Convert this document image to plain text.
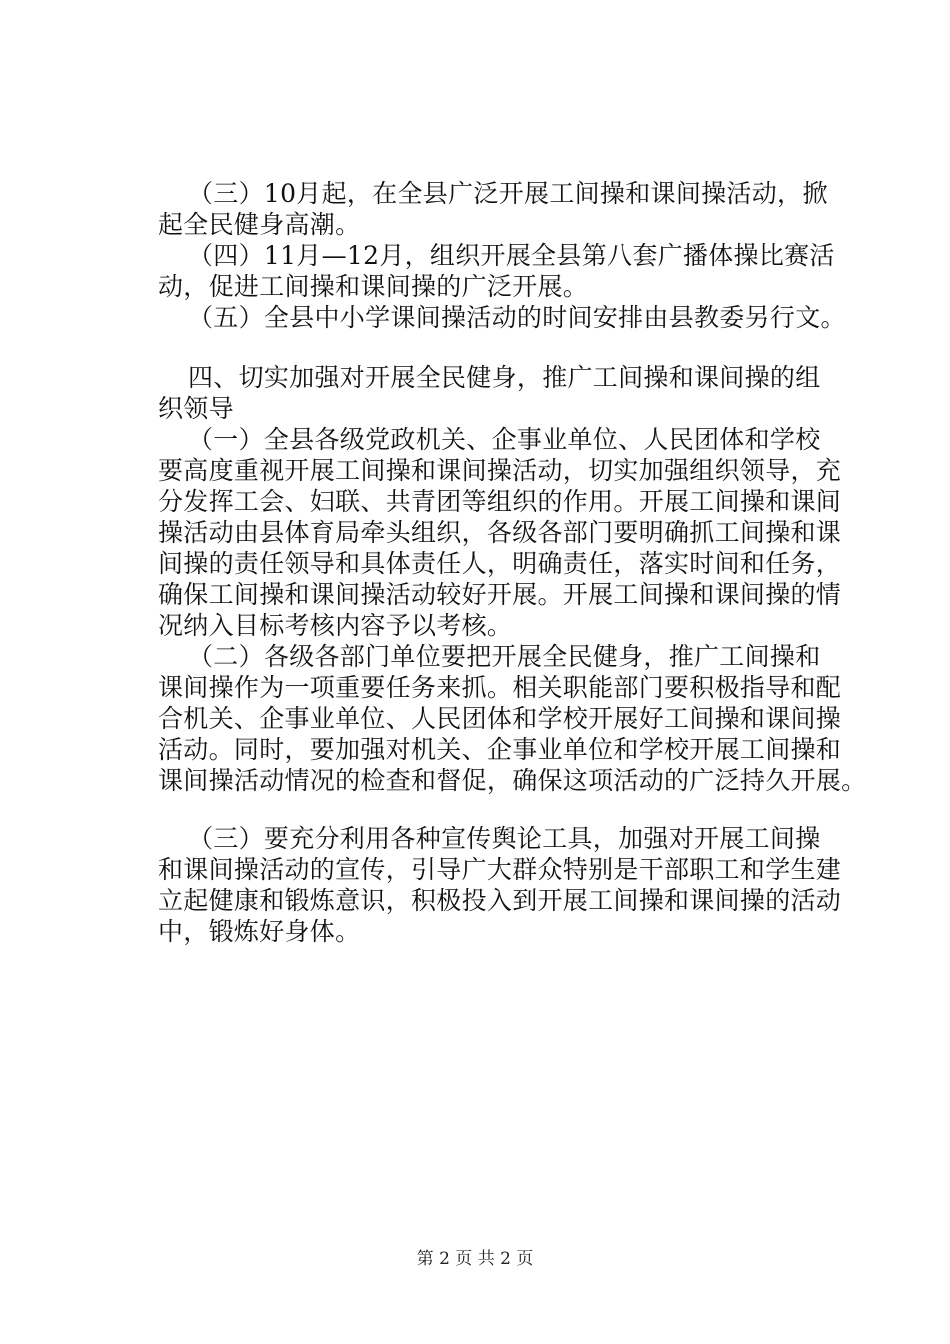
（三）10月起，在全县广泛开展工间操和课间操活动，掀
起全民健身高潮。
（四）11月—12月，组织开展全县第八套广播体操比赛活
动，促进工间操和课间操的广泛开展。
（五）全县中小学课间操活动的时间安排由县教委另行文。
四、切实加强对开展全民健身，推广工间操和课间操的组
织领导
（一）全县各级党政机关、企事业单位、人民团体和学校
要高度重视开展工间操和课间操活动，切实加强组织领导，充
分发挥工会、妇联、共青团等组织的作用。开展工间操和课间
操活动由县体育局牵头组织，各级各部门要明确抓工间操和课
间操的责任领导和具体责任人，明确责任，落实时间和任务，
确保工间操和课间操活动较好开展。开展工间操和课间操的情
况纳入目标考核内容予以考核。
（二）各级各部门单位要把开展全民健身，推广工间操和
课间操作为一项重要任务来抓。相关职能部门要积极指导和配
合机关、企事业单位、人民团体和学校开展好工间操和课间操
活动。同时，要加强对机关、企事业单位和学校开展工间操和
课间操活动情况的检查和督促，确保这项活动的广泛持久开展。
（三）要充分利用各种宣传舆论工具，加强对开展工间操
和课间操活动的宣传，引导广大群众特别是干部职工和学生建
立起健康和锻炼意识，积极投入到开展工间操和课间操的活动
中，锻炼好身体。
第 2 页 共 2 页
